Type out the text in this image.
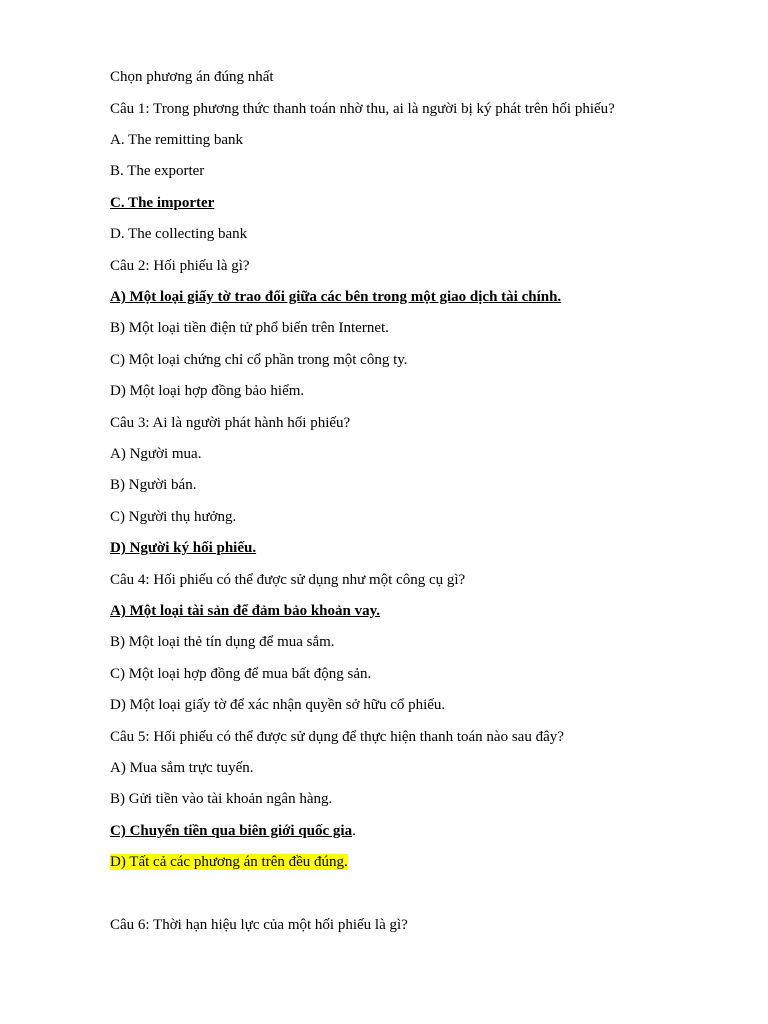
Chọn phương án đúng nhất
Câu 1: Trong phương thức thanh toán nhờ thu, ai là người bị ký phát trên hối phiếu?
A. The remitting bank
B. The exporter
C. The importer
D. The collecting bank
Câu 2: Hối phiếu là gì?
A) Một loại giấy tờ trao đổi giữa các bên trong một giao dịch tài chính.
B) Một loại tiền điện tử phổ biến trên Internet.
C) Một loại chứng chỉ cổ phần trong một công ty.
D) Một loại hợp đồng bảo hiểm.
Câu 3: Ai là người phát hành hối phiếu?
A) Người mua.
B) Người bán.
C) Người thụ hưởng.
D) Người ký hối phiếu.
Câu 4: Hối phiếu có thể được sử dụng như một công cụ gì?
A) Một loại tài sản để đảm bảo khoản vay.
B) Một loại thẻ tín dụng để mua sắm.
C) Một loại hợp đồng để mua bất động sản.
D) Một loại giấy tờ để xác nhận quyền sở hữu cổ phiếu.
Câu 5: Hối phiếu có thể được sử dụng để thực hiện thanh toán nào sau đây?
A) Mua sắm trực tuyến.
B) Gửi tiền vào tài khoản ngân hàng.
C) Chuyển tiền qua biên giới quốc gia.
D) Tất cả các phương án trên đều đúng.
Câu 6: Thời hạn hiệu lực của một hối phiếu là gì?
